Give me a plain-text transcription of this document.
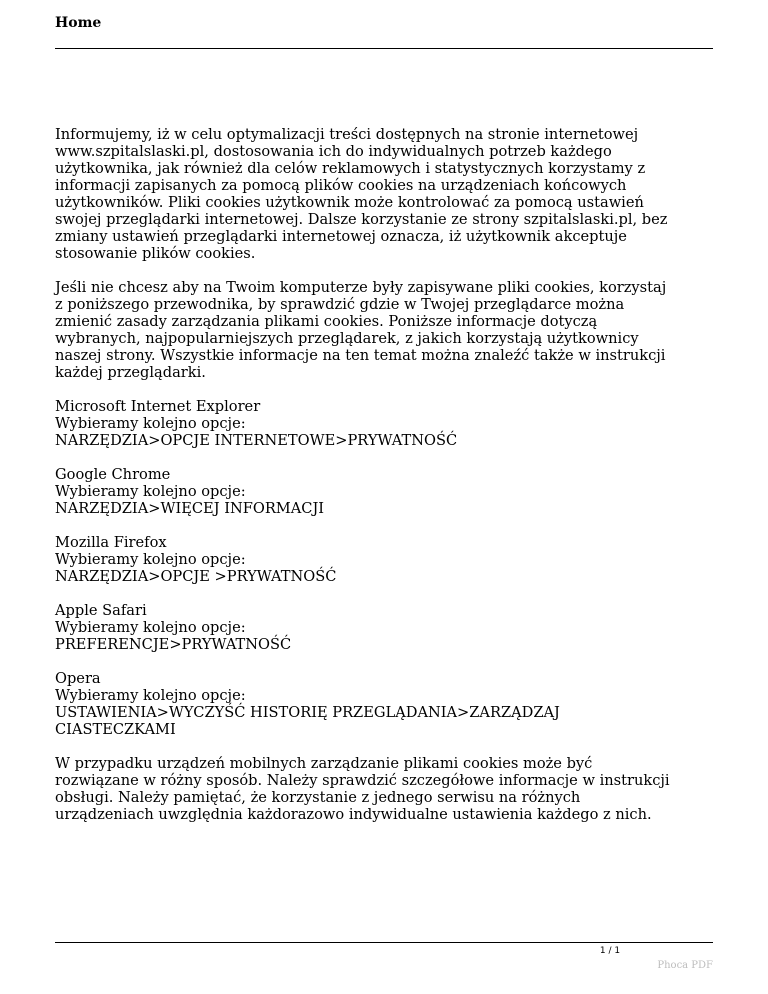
Home

Informujemy, iż w celu optymalizacji treści dostępnych na stronie internetowej
www.szpitalslaski.pl, dostosowania ich do indywidualnych potrzeb każdego
użytkownika, jak również dla celów reklamowych i statystycznych korzystamy z
informacji zapisanych za pomocą plików cookies na urządzeniach końcowych
użytkowników. Pliki cookies użytkownik może kontrolować za pomocą ustawień
swojej przeglądarki internetowej. Dalsze korzystanie ze strony szpitalslaski.pl, bez
zmiany ustawień przeglądarki internetowej oznacza, iż użytkownik akceptuje
stosowanie plików cookies.

Jeśli nie chcesz aby na Twoim komputerze były zapisywane pliki cookies, korzystaj
z poniższego przewodnika, by sprawdzić gdzie w Twojej przeglądarce można
zmienić zasady zarządzania plikami cookies. Poniższe informacje dotyczą
wybranych, najpopularniejszych przeglądarek, z jakich korzystają użytkownicy
naszej strony. Wszystkie informacje na ten temat można znaleźć także w instrukcji
każdej przeglądarki.

Microsoft Internet Explorer
Wybieramy kolejno opcje:
NARZĘDZIA>OPCJE INTERNETOWE>PRYWATNOŚĆ

Google Chrome
Wybieramy kolejno opcje:
NARZĘDZIA>WIĘCEJ INFORMACJI

Mozilla Firefox
Wybieramy kolejno opcje:
NARZĘDZIA>OPCJE >PRYWATNOŚĆ

Apple Safari
Wybieramy kolejno opcje:
PREFERENCJE>PRYWATNOŚĆ

Opera
Wybieramy kolejno opcje:
USTAWIENIA>WYCZYŚĆ HISTORIĘ PRZEGLĄDANIA>ZARZĄDZAJ
CIASTECZKAMI

W przypadku urządzeń mobilnych zarządzanie plikami cookies może być
rozwiązane w różny sposób. Należy sprawdzić szczegółowe informacje w instrukcji
obsługi. Należy pamiętać, że korzystanie z jednego serwisu na różnych
urządzeniach uwzględnia każdorazowo indywidualne ustawienia każdego z nich.

1 / 1
Phoca PDF
